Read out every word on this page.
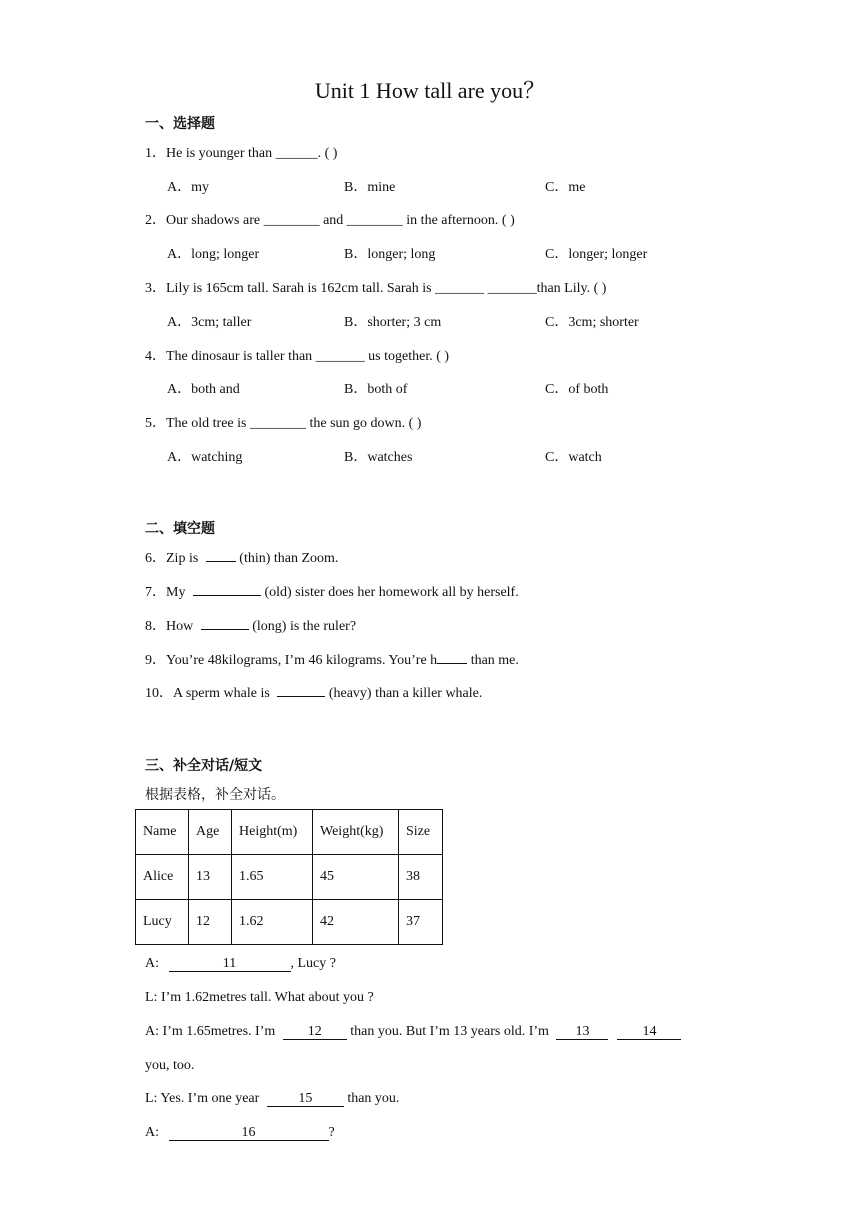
Unit 1 How tall are you？
一、选择题
1．He is younger than ______. ( )
A．my	B．mine	C．me
2．Our shadows are ________ and ________ in the afternoon. ( )
A．long; longer	B．longer; long	C．longer; longer
3．Lily is 165cm tall. Sarah is 162cm tall. Sarah is _______ _______than Lily. ( )
A．3cm; taller	B．shorter; 3 cm	C．3cm; shorter
4．The dinosaur is taller than _______ us together. ( )
A．both and	B．both of	C．of both
5．The old tree is ________ the sun go down. ( )
A．watching	B．watches	C．watch
二、填空题
6．Zip is  (thin) than Zoom.
7．My	(old) sister does her homework all by herself.
8．How	(long) is the ruler?
9．You’re 48kilograms, I’m 46 kilograms. You’re h than me.
10．A sperm whale is	(heavy) than a killer whale.
三、补全对话/短文
根据表格，补全对话。
Name	Age	Height(m)	Weight(kg)	Size
Alice	13	1.65	45	38
Lucy	12	1.62	42	37
A:	11	, Lucy ?
L: I’m 1.62metres tall. What about you ?
A: I’m 1.65metres. I’m 12 than you. But I’m 13 years old. I’m 13	14
you, too.
L: Yes. I’m one year	15 than you.
A:	16	?
